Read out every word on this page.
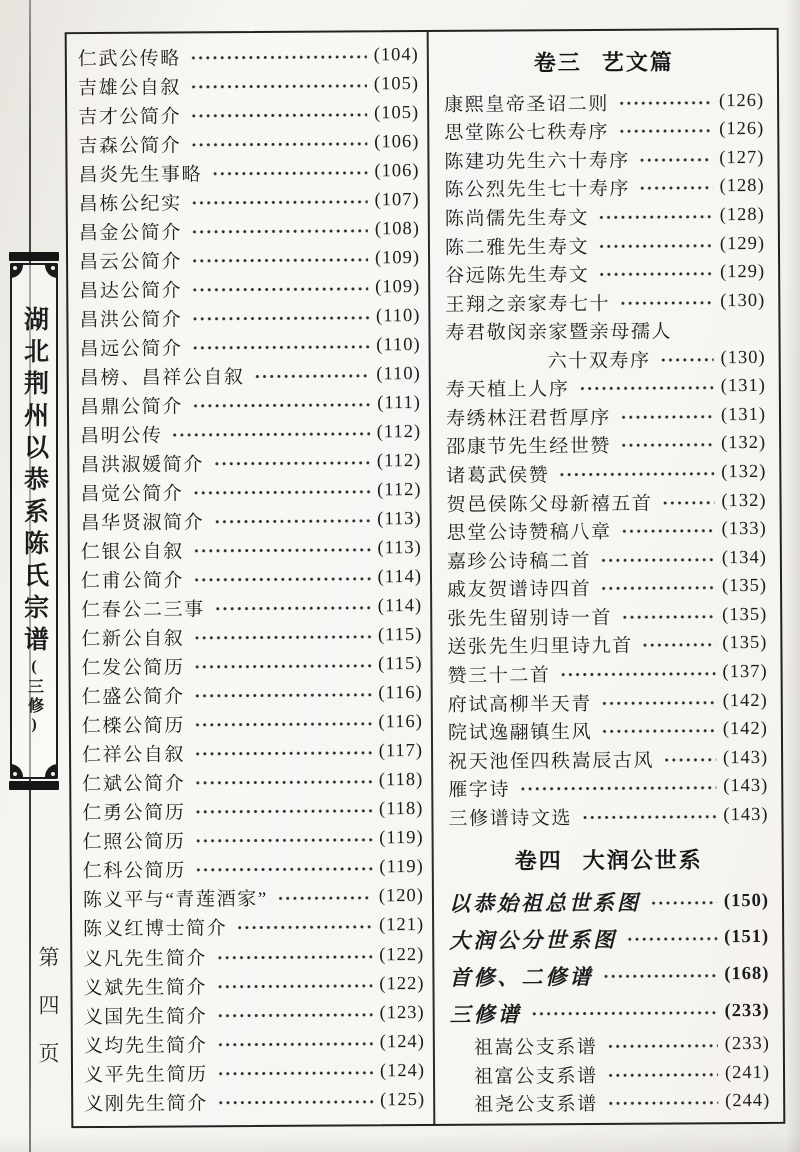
湖北荆州以恭系陈氏宗谱(三修)
第四页
仁武公传略	(104)
吉雄公自叙	(105)
吉才公简介	(105)
吉森公简介	(106)
昌炎先生事略	(106)
昌栋公纪实	(107)
昌金公简介	(108)
昌云公简介	(109)
昌达公简介	(109)
昌洪公简介	(110)
昌远公简介	(110)
昌榜、昌祥公自叙	(110)
昌鼎公简介	(111)
昌明公传	(112)
昌洪淑媛简介	(112)
昌觉公简介	(112)
昌华贤淑简介	(113)
仁银公自叙	(113)
仁甫公简介	(114)
仁春公二三事	(114)
仁新公自叙	(115)
仁发公简历	(115)
仁盛公简介	(116)
仁檪公简历	(116)
仁祥公自叙	(117)
仁斌公简介	(118)
仁勇公简历	(118)
仁照公简历	(119)
仁科公简历	(119)
陈义平与“青莲酒家”	(120)
陈义红博士简介	(121)
义凡先生简介	(122)
义斌先生简介	(122)
义国先生简介	(123)
义均先生简介	(124)
义平先生简历	(124)
义刚先生简介	(125)
卷三 艺文篇
康熙皇帝圣诏二则	(126)
思堂陈公七秩寿序	(126)
陈建功先生六十寿序	(127)
陈公烈先生七十寿序	(128)
陈尚儒先生寿文	(128)
陈二雅先生寿文	(129)
谷远陈先生寿文	(129)
王翔之亲家寿七十	(130)
寿君敬闵亲家暨亲母孺人
六十双寿序	(130)
寿天植上人序	(131)
寿绣林汪君哲厚序	(131)
邵康节先生经世赞	(132)
诸葛武侯赞	(132)
贺邑侯陈父母新禧五首	(132)
思堂公诗赞稿八章	(133)
嘉珍公诗稿二首	(134)
戚友贺谱诗四首	(135)
张先生留别诗一首	(135)
送张先生归里诗九首	(135)
赞三十二首	(137)
府试高柳半天青	(142)
院试逸翮镇生风	(142)
祝天池侄四秩嵩辰古风	(143)
雁字诗	(143)
三修谱诗文选	(143)
卷四 大润公世系
以恭始祖总世系图	(150)
大润公分世系图	(151)
首修、二修谱	(168)
三修谱	(233)
祖嵩公支系谱	(233)
祖富公支系谱	(241)
祖尧公支系谱	(244)
